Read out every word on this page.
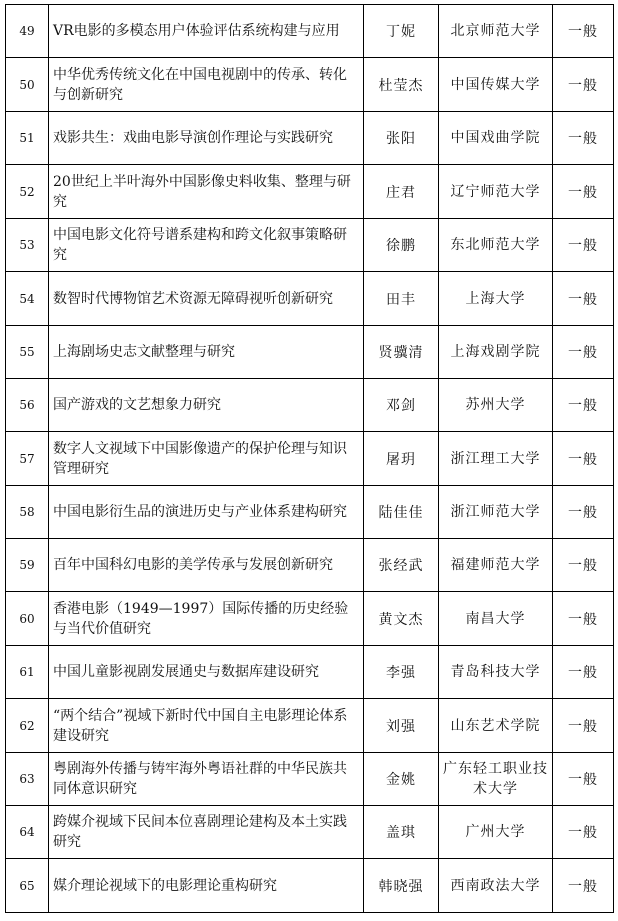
49	VR电影的多模态用户体验评估系统构建与应用	丁妮	北京师范大学	一般
50	中华优秀传统文化在中国电视剧中的传承、转化与创新研究	杜莹杰	中国传媒大学	一般
51	戏影共生：戏曲电影导演创作理论与实践研究	张阳	中国戏曲学院	一般
52	20世纪上半叶海外中国影像史料收集、整理与研究	庄君	辽宁师范大学	一般
53	中国电影文化符号谱系建构和跨文化叙事策略研究	徐鹏	东北师范大学	一般
54	数智时代博物馆艺术资源无障碍视听创新研究	田丰	上海大学	一般
55	上海剧场史志文献整理与研究	贤骥清	上海戏剧学院	一般
56	国产游戏的文艺想象力研究	邓剑	苏州大学	一般
57	数字人文视域下中国影像遗产的保护伦理与知识管理研究	屠玥	浙江理工大学	一般
58	中国电影衍生品的演进历史与产业体系建构研究	陆佳佳	浙江师范大学	一般
59	百年中国科幻电影的美学传承与发展创新研究	张经武	福建师范大学	一般
60	香港电影（1949—1997）国际传播的历史经验与当代价值研究	黄文杰	南昌大学	一般
61	中国儿童影视剧发展通史与数据库建设研究	李强	青岛科技大学	一般
62	“两个结合”视域下新时代中国自主电影理论体系建设研究	刘强	山东艺术学院	一般
63	粤剧海外传播与铸牢海外粤语社群的中华民族共同体意识研究	金姚	广东轻工职业技术大学	一般
64	跨媒介视域下民间本位喜剧理论建构及本土实践研究	盖琪	广州大学	一般
65	媒介理论视域下的电影理论重构研究	韩晓强	西南政法大学	一般
